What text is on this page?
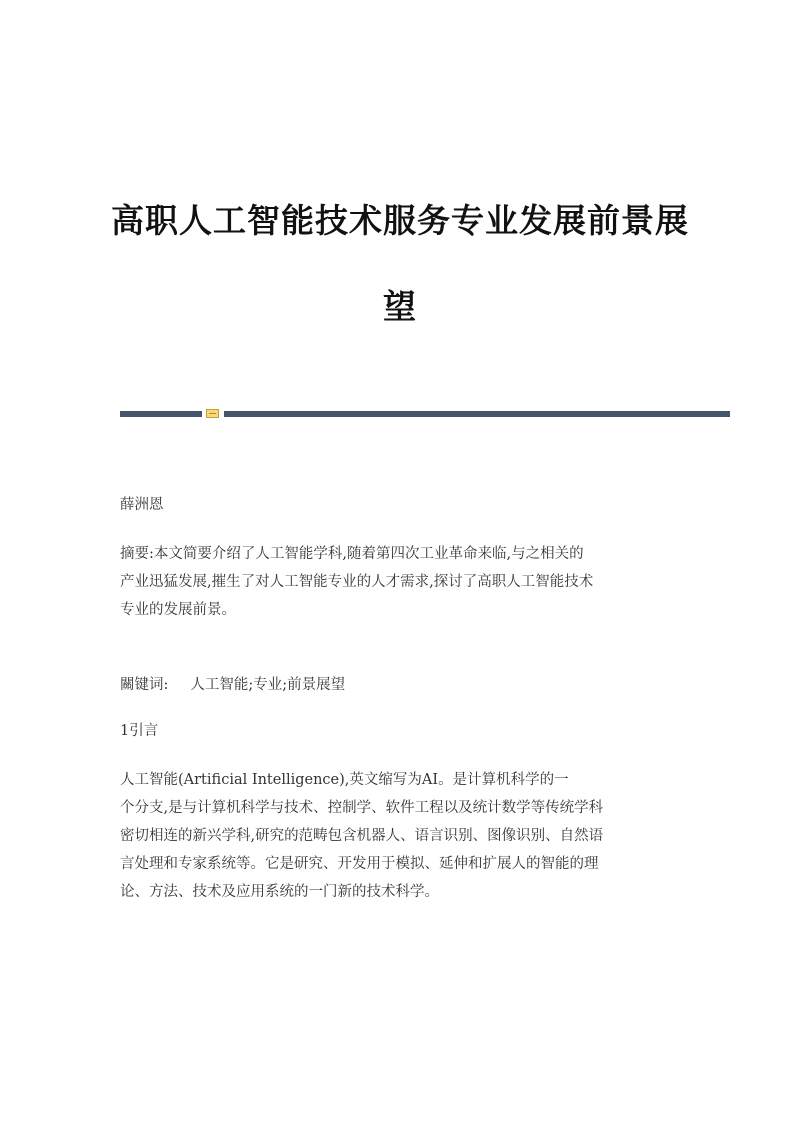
高职人工智能技术服务专业发展前景展
望

薛洲恩

摘要:本文简要介绍了人工智能学科,随着第四次工业革命来临,与之相关的
产业迅猛发展,摧生了对人工智能专业的人才需求,探讨了高职人工智能技术
专业的发展前景。

關键词: 人工智能;专业;前景展望

1引言

人工智能(Artificial Intelligence),英文缩写为AI。是计算机科学的一
个分支,是与计算机科学与技术、控制学、软件工程以及统计数学等传统学科
密切相连的新兴学科,研究的范畴包含机器人、语言识别、图像识别、自然语
言处理和专家系统等。它是研究、开发用于模拟、延伸和扩展人的智能的理
论、方法、技术及应用系统的一门新的技术科学。
